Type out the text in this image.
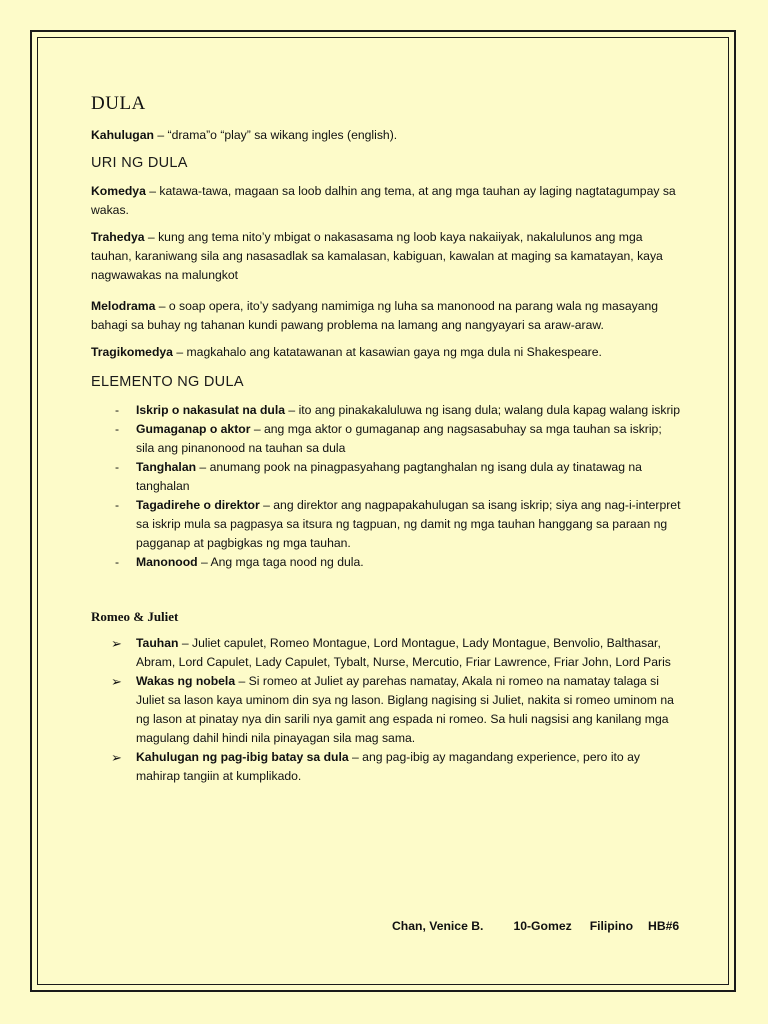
DULA

Kahulugan – “drama”o “play” sa wikang ingles (english).

URI NG DULA

Komedya – katawa-tawa, magaan sa loob dalhin ang tema, at ang mga tauhan ay laging nagtatagumpay sa wakas.

Trahedya – kung ang tema nito’y mbigat o nakasasama ng loob kaya nakaiiyak, nakalulunos ang mga tauhan, karaniwang sila ang nasasadlak sa kamalasan, kabiguan, kawalan at maging sa kamatayan, kaya nagwawakas na malungkot

Melodrama – o soap opera, ito’y sadyang namimiga ng luha sa manonood na parang wala ng masayang bahagi sa buhay ng tahanan kundi pawang problema na lamang ang nangyayari sa araw-araw.

Tragikomedya – magkahalo ang katatawanan at kasawian gaya ng mga dula ni Shakespeare.

ELEMENTO NG DULA
- Iskrip o nakasulat na dula – ito ang pinakakaluluwa ng isang dula; walang dula kapag walang iskrip
- Gumaganap o aktor – ang mga aktor o gumaganap ang nagsasabuhay sa mga tauhan sa iskrip; sila ang pinanonood na tauhan sa dula
- Tanghalan – anumang pook na pinagpasyahang pagtanghalan ng isang dula ay tinatawag na tanghalan
- Tagadirehe o direktor – ang direktor ang nagpapakahulugan sa isang iskrip; siya ang nag-i-interpret sa iskrip mula sa pagpasya sa itsura ng tagpuan, ng damit ng mga tauhan hanggang sa paraan ng pagganap at pagbigkas ng mga tauhan.
- Manonood – Ang mga taga nood ng dula.
Romeo & Juliet
➢ Tauhan – Juliet capulet, Romeo Montague, Lord Montague, Lady Montague, Benvolio, Balthasar, Abram, Lord Capulet, Lady Capulet, Tybalt, Nurse, Mercutio, Friar Lawrence, Friar John, Lord Paris
➢ Wakas ng nobela – Si romeo at Juliet ay parehas namatay, Akala ni romeo na namatay talaga si Juliet sa lason kaya uminom din sya ng lason. Biglang nagising si Juliet, nakita si romeo uminom na ng lason at pinatay nya din sarili nya gamit ang espada ni romeo. Sa huli nagsisi ang kanilang mga magulang dahil hindi nila pinayagan sila mag sama.
➢ Kahulugan ng pag-ibig batay sa dula – ang pag-ibig ay magandang experience, pero ito ay mahirap tangiin at kumplikado.
Chan, Venice B. 10-Gomez Filipino HB#6
